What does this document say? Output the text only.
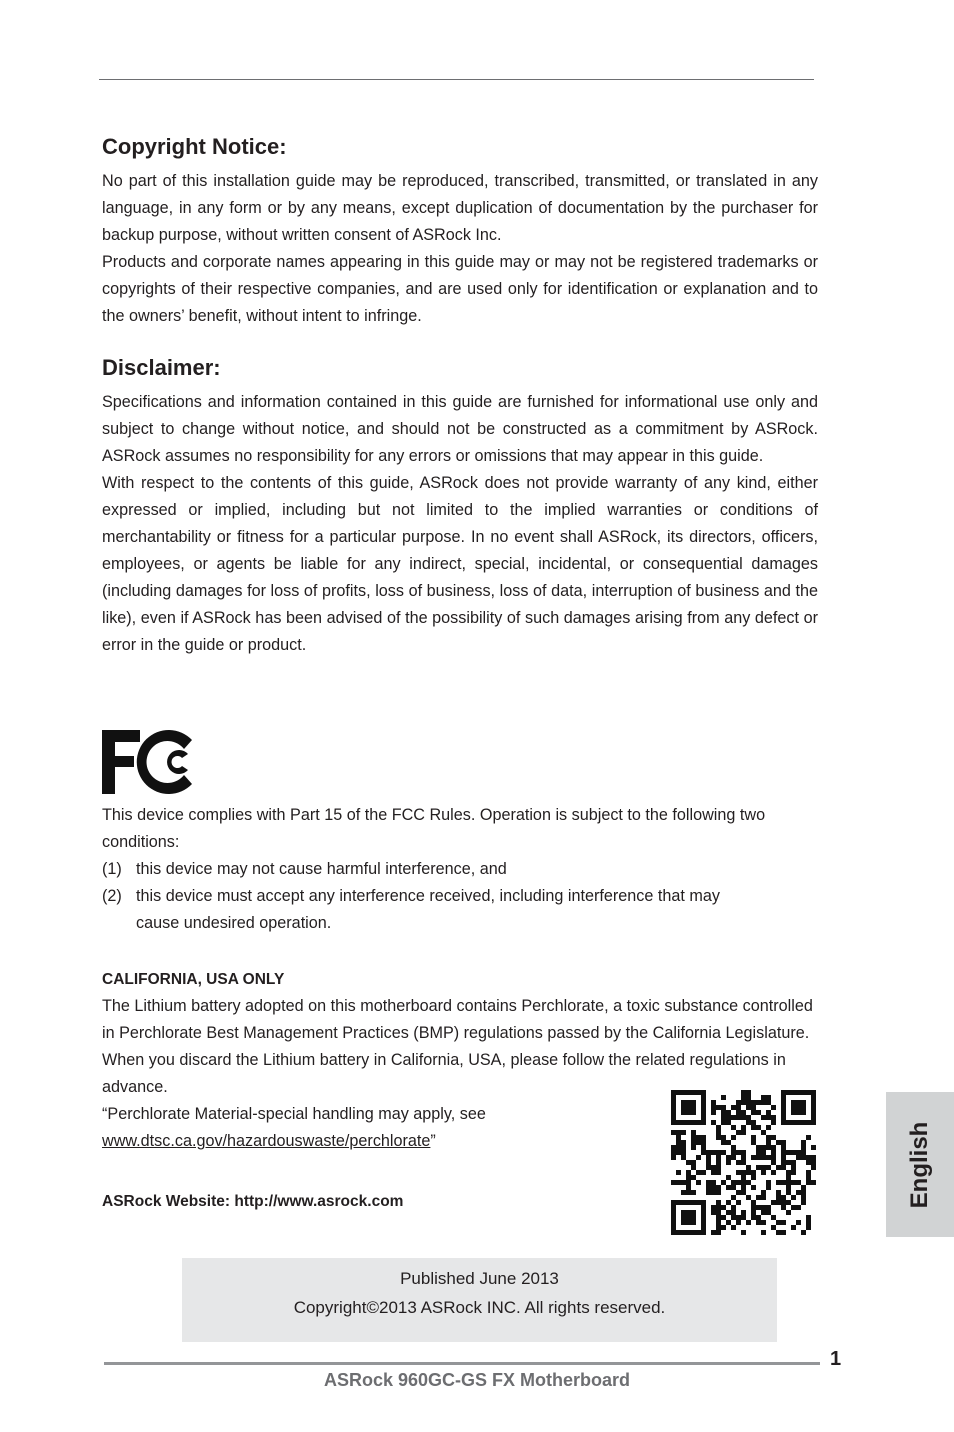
Copyright Notice:

No part of this installation guide may be reproduced, transcribed, transmitted, or translated in any language, in any form or by any means, except duplication of documentation by the purchaser for backup purpose, without written consent of ASRock Inc.

Products and corporate names appearing in this guide may or may not be registered trademarks or copyrights of their respective companies, and are used only for identification or explanation and to the owners’ benefit, without intent to infringe.

Disclaimer:

Specifications and information contained in this guide are furnished for informational use only and subject to change without notice, and should not be constructed as a commitment by ASRock. ASRock assumes no responsibility for any errors or omissions that may appear in this guide.

With respect to the contents of this guide, ASRock does not provide warranty of any kind, either expressed or implied, including but not limited to the implied warranties or conditions of merchantability or fitness for a particular purpose. In no event shall ASRock, its directors, officers, employees, or agents be liable for any indirect, special, incidental, or consequential damages (including damages for loss of profits, loss of business, loss of data, interruption of business and the like), even if ASRock has been advised of the possibility of such damages arising from any defect or error in the guide or product.

This device complies with Part 15 of the FCC Rules. Operation is subject to the following two conditions:

(1) this device may not cause harmful interference, and
(2) this device must accept any interference received, including interference that may cause undesired operation.
CALIFORNIA, USA ONLY

The Lithium battery adopted on this motherboard contains Perchlorate, a toxic substance controlled in Perchlorate Best Management Practices (BMP) regulations passed by the California Legislature. When you discard the Lithium battery in California, USA, please follow the related regulations in advance.

“Perchlorate Material-special handling may apply, see

www.dtsc.ca.gov/hazardouswaste/perchlorate”

ASRock Website: http://www.asrock.com	English
Published June 2013
Copyright©2013 ASRock INC. All rights reserved.
1
ASRock 960GC-GS FX Motherboard
